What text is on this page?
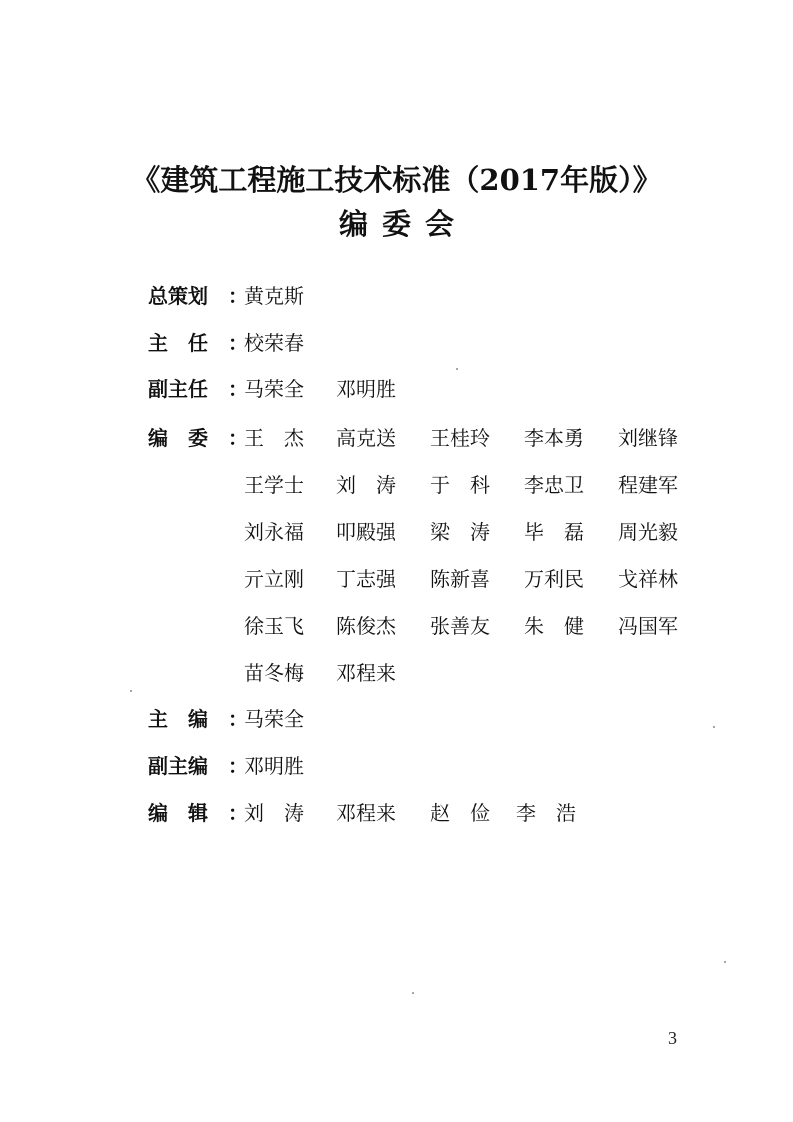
《建筑工程施工技术标准（2017年版）》
编委会
总策划	：
黄克斯
主任 ：
校荣春
副主任	：
马荣全 邓明胜
编委 ：
王　杰 高克送 王桂玲 李本勇 刘继锋
王学士 刘　涛 于　科 李忠卫 程建军
刘永福 叩殿强 梁　涛 毕　磊 周光毅
亓立刚 丁志强 陈新喜 万利民 戈祥林
徐玉飞 陈俊杰 张善友 朱　健 冯国军
苗冬梅 邓程来
主编 ：
马荣全
副主编	：
邓明胜
编辑 ：
刘　涛 邓程来 赵　俭 李　浩
3
